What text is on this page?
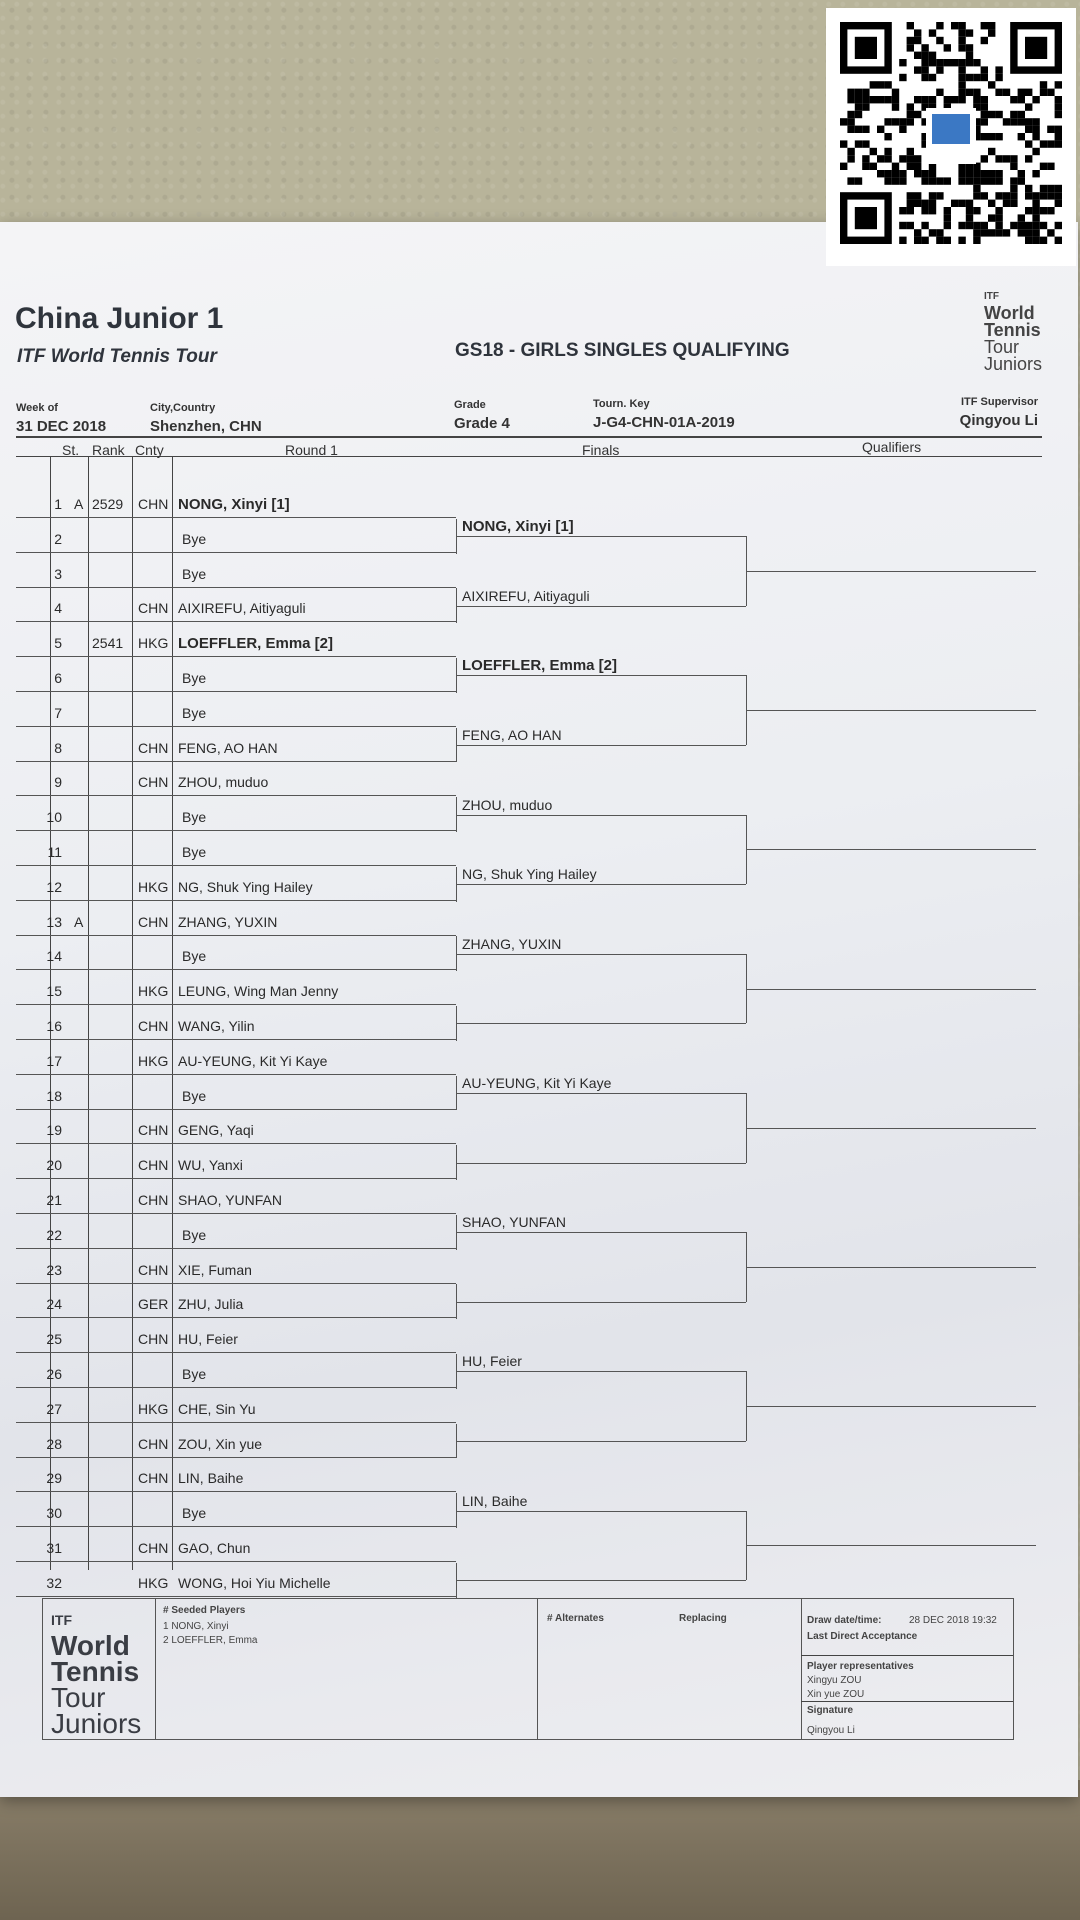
China Junior 1
ITF World Tennis Tour	GS18 - GIRLS SINGLES QUALIFYING
ITF
World
Tennis
Tour
Juniors
Week of
31 DEC 2018
City,Country
Shenzhen, CHN
Grade
Grade 4
Tourn. Key
J-G4-CHN-01A-2019
ITF Supervisor
Qingyou Li
St. Rank Cnty	Round 1	Finals	Qualifiers
1 A 2529 CHN NONG, Xinyi [1]
2	Bye
3	Bye
4	CHN AIXIREFU, Aitiyaguli
5 2541 HKG LOEFFLER, Emma [2]
6	Bye
7	Bye
8	CHN FENG, AO HAN
9	CHN ZHOU, muduo
10	Bye
11	Bye
12	HKG NG, Shuk Ying Hailey
13 A	CHN ZHANG, YUXIN
14	Bye
15	HKG LEUNG, Wing Man Jenny
16	CHN WANG, Yilin
17	HKG AU-YEUNG, Kit Yi Kaye
18	Bye
19	CHN GENG, Yaqi
20	CHN WU, Yanxi
21	CHN SHAO, YUNFAN
22	Bye
23	CHN XIE, Fuman
24	GER ZHU, Julia
25	CHN HU, Feier
26	Bye
27	HKG CHE, Sin Yu
28	CHN ZOU, Xin yue
29	CHN LIN, Baihe
30	Bye
31	CHN GAO, Chun
32	HKG WONG, Hoi Yiu Michelle
NONG, Xinyi [1]
AIXIREFU, Aitiyaguli
LOEFFLER, Emma [2]
FENG, AO HAN
ZHOU, muduo
NG, Shuk Ying Hailey
ZHANG, YUXIN
AU-YEUNG, Kit Yi Kaye
SHAO, YUNFAN
HU, Feier
LIN, Baihe
ITF
World
Tennis
Tour
Juniors
# Seeded Players
1 NONG, Xinyi
2 LOEFFLER, Emma
# Alternates	Replacing	Draw date/time:	28 DEC 2018 19:32
Last Direct Acceptance
Player representatives
Xingyu ZOU
Xin yue ZOU
Signature
Qingyou Li
